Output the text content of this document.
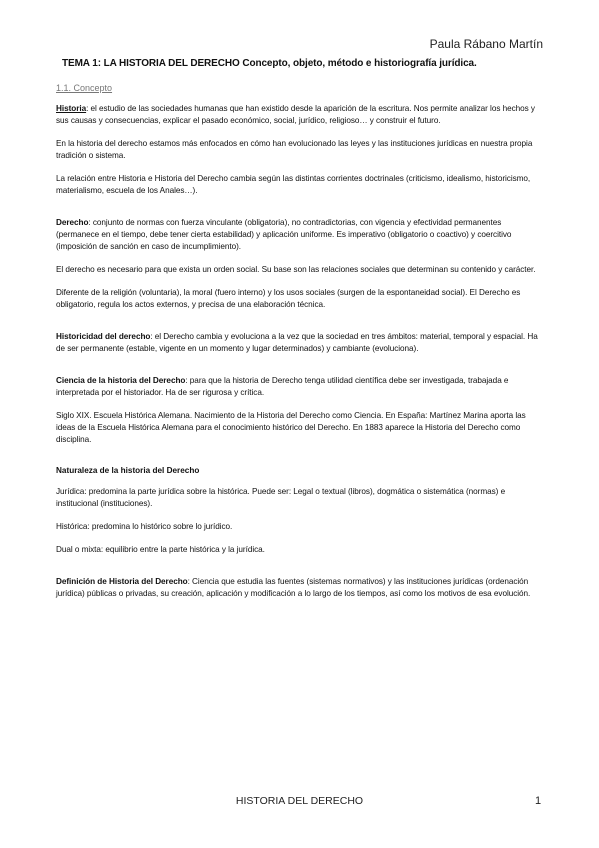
Paula Rábano Martín
TEMA 1: LA HISTORIA DEL DERECHO Concepto, objeto, método e historiografía jurídica.
1.1. Concepto

Historia: el estudio de las sociedades humanas que han existido desde la aparición de la escritura. Nos permite analizar los hechos y sus causas y consecuencias, explicar el pasado económico, social, jurídico, religioso… y construir el futuro.

En la historia del derecho estamos más enfocados en cómo han evolucionado las leyes y las instituciones jurídicas en nuestra propia tradición o sistema.

La relación entre Historia e Historia del Derecho cambia según las distintas corrientes doctrinales (criticismo, idealismo, historicismo, materialismo, escuela de los Anales…).

Derecho: conjunto de normas con fuerza vinculante (obligatoria), no contradictorias, con vigencia y efectividad permanentes (permanece en el tiempo, debe tener cierta estabilidad) y aplicación uniforme. Es imperativo (obligatorio o coactivo) y coercitivo (imposición de sanción en caso de incumplimiento).

El derecho es necesario para que exista un orden social. Su base son las relaciones sociales que determinan su contenido y carácter.

Diferente de la religión (voluntaria), la moral (fuero interno) y los usos sociales (surgen de la espontaneidad social). El Derecho es obligatorio, regula los actos externos, y precisa de una elaboración técnica.

Historicidad del derecho: el Derecho cambia y evoluciona a la vez que la sociedad en tres ámbitos: material, temporal y espacial. Ha de ser permanente (estable, vigente en un momento y lugar determinados) y cambiante (evoluciona).

Ciencia de la historia del Derecho: para que la historia de Derecho tenga utilidad científica debe ser investigada, trabajada e interpretada por el historiador. Ha de ser rigurosa y crítica.

Siglo XIX. Escuela Histórica Alemana. Nacimiento de la Historia del Derecho como Ciencia. En España: Martínez Marina aporta las ideas de la Escuela Histórica Alemana para el conocimiento histórico del Derecho. En 1883 aparece la Historia del Derecho como disciplina.

Naturaleza de la historia del Derecho

Jurídica: predomina la parte jurídica sobre la histórica. Puede ser: Legal o textual (libros), dogmática o sistemática (normas) e institucional (instituciones).

Histórica: predomina lo histórico sobre lo jurídico.

Dual o mixta: equilibrio entre la parte histórica y la jurídica.

Definición de Historia del Derecho: Ciencia que estudia las fuentes (sistemas normativos) y las instituciones jurídicas (ordenación jurídica) públicas o privadas, su creación, aplicación y modificación a lo largo de los tiempos, así como los motivos de esa evolución.

HISTORIA DEL DERECHO	1
